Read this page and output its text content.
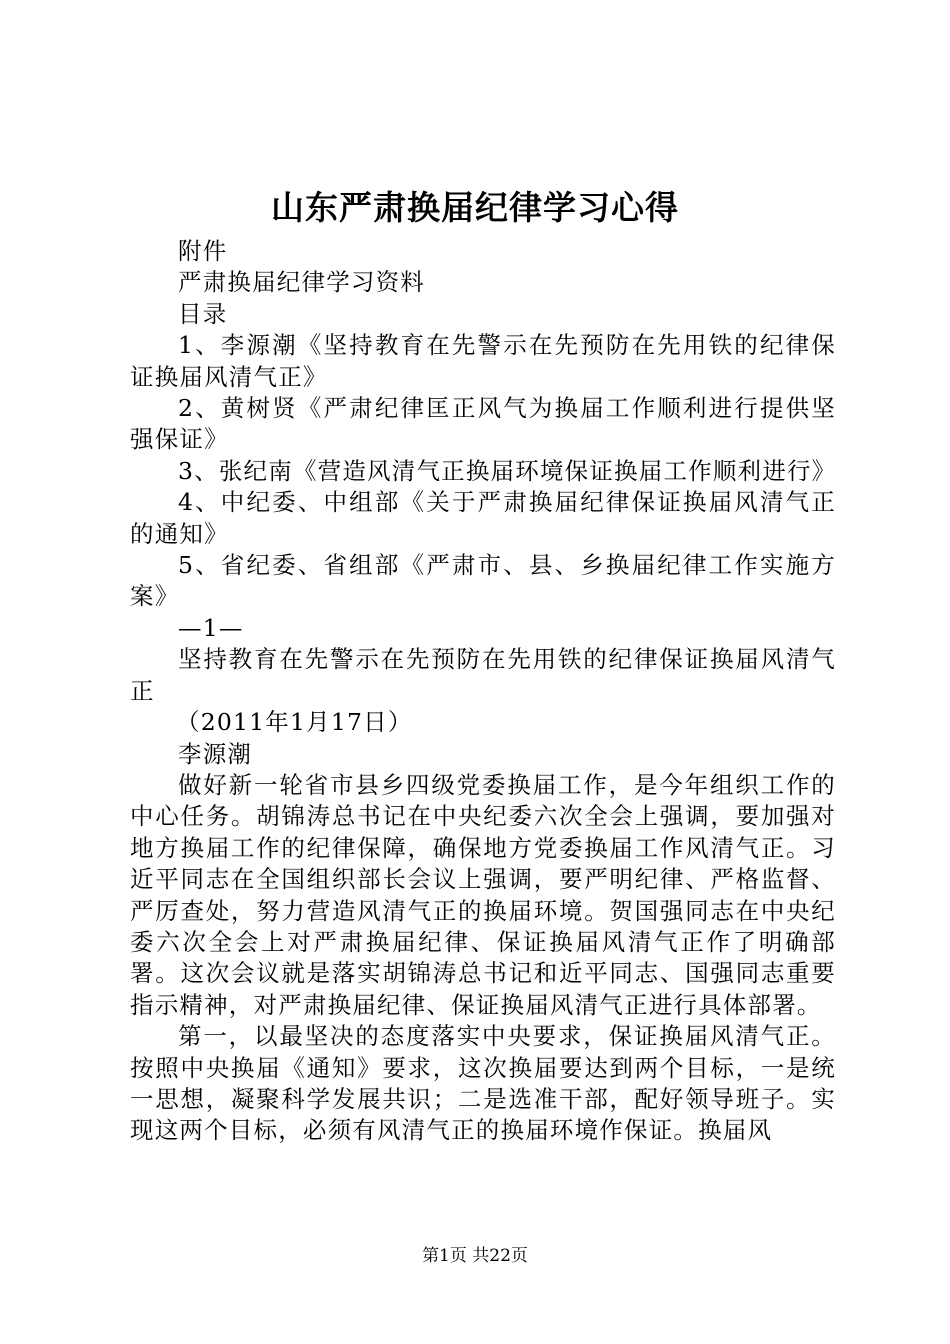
山东严肃换届纪律学习心得

附件

严肃换届纪律学习资料

目录

1、李源潮《坚持教育在先警示在先预防在先用铁的纪律保证换届风清气正》

2、黄树贤《严肃纪律匡正风气为换届工作顺利进行提供坚强保证》

3、张纪南《营造风清气正换届环境保证换届工作顺利进行》

4、中纪委、中组部《关于严肃换届纪律保证换届风清气正的通知》

5、省纪委、省组部《严肃市、县、乡换届纪律工作实施方案》

—1—

坚持教育在先警示在先预防在先用铁的纪律保证换届风清气正

（2011年1月17日）

李源潮

做好新一轮省市县乡四级党委换届工作，是今年组织工作的中心任务。胡锦涛总书记在中央纪委六次全会上强调，要加强对地方换届工作的纪律保障，确保地方党委换届工作风清气正。习近平同志在全国组织部长会议上强调，要严明纪律、严格监督、严厉查处，努力营造风清气正的换届环境。贺国强同志在中央纪委六次全会上对严肃换届纪律、保证换届风清气正作了明确部署。这次会议就是落实胡锦涛总书记和近平同志、国强同志重要指示精神，对严肃换届纪律、保证换届风清气正进行具体部署。

第一，以最坚决的态度落实中央要求，保证换届风清气正。按照中央换届《通知》要求，这次换届要达到两个目标，一是统一思想，凝聚科学发展共识；二是选准干部，配好领导班子。实现这两个目标，必须有风清气正的换届环境作保证。换届风

第1页 共22页
